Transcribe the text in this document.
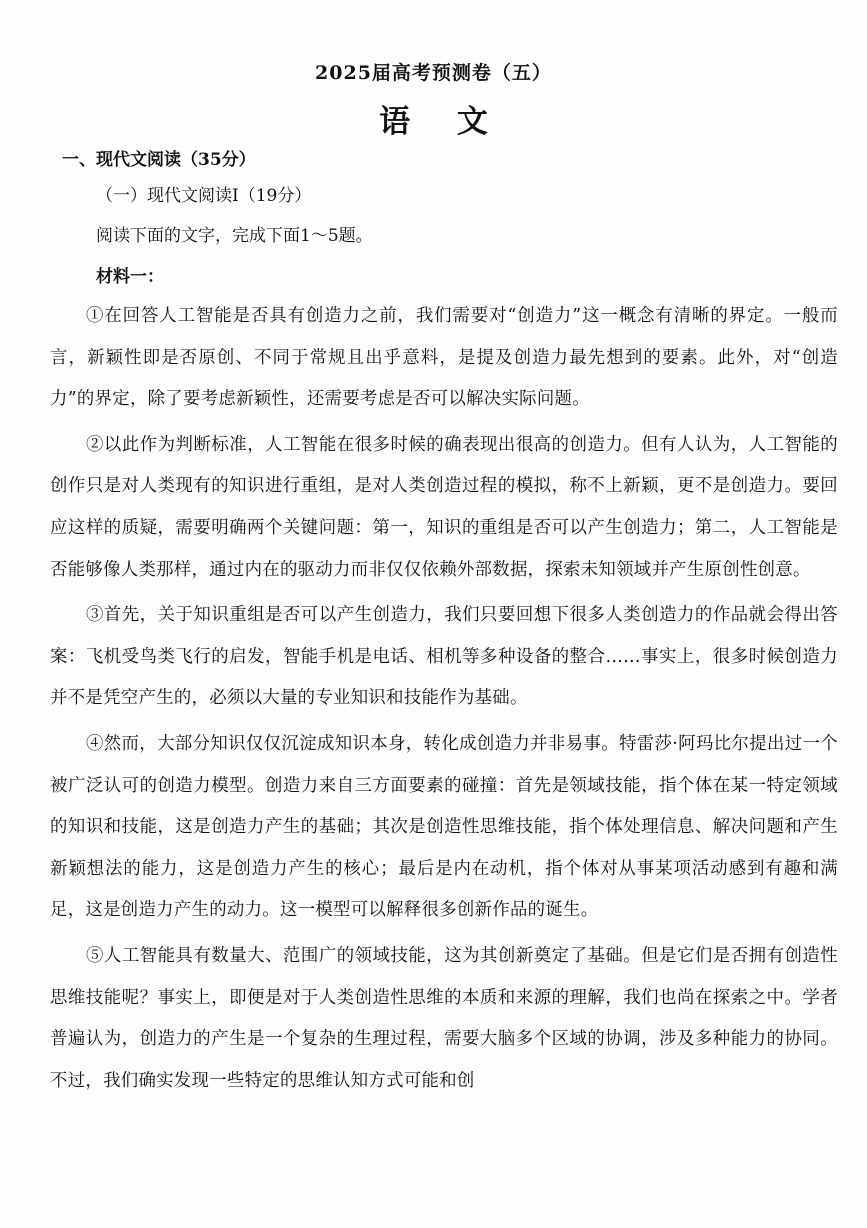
2025届高考预测卷（五）
语 文
一、现代文阅读（35分）
（一）现代文阅读Ⅰ（19分）
阅读下面的文字，完成下面1～5题。
材料一：

①在回答人工智能是否具有创造力之前，我们需要对“创造力”这一概念有清晰的界定。一般而言，新颖性即是否原创、不同于常规且出乎意料，是提及创造力最先想到的要素。此外，对“创造力”的界定，除了要考虑新颖性，还需要考虑是否可以解决实际问题。

②以此作为判断标准，人工智能在很多时候的确表现出很高的创造力。但有人认为，人工智能的创作只是对人类现有的知识进行重组，是对人类创造过程的模拟，称不上新颖，更不是创造力。要回应这样的质疑，需要明确两个关键问题：第一，知识的重组是否可以产生创造力；第二，人工智能是否能够像人类那样，通过内在的驱动力而非仅仅依赖外部数据，探索未知领域并产生原创性创意。

③首先，关于知识重组是否可以产生创造力，我们只要回想下很多人类创造力的作品就会得出答案：飞机受鸟类飞行的启发，智能手机是电话、相机等多种设备的整合……事实上，很多时候创造力并不是凭空产生的，必须以大量的专业知识和技能作为基础。

④然而，大部分知识仅仅沉淀成知识本身，转化成创造力并非易事。特雷莎·阿玛比尔提出过一个被广泛认可的创造力模型。创造力来自三方面要素的碰撞：首先是领域技能，指个体在某一特定领域的知识和技能，这是创造力产生的基础；其次是创造性思维技能，指个体处理信息、解决问题和产生新颖想法的能力，这是创造力产生的核心；最后是内在动机，指个体对从事某项活动感到有趣和满足，这是创造力产生的动力。这一模型可以解释很多创新作品的诞生。

⑤人工智能具有数量大、范围广的领域技能，这为其创新奠定了基础。但是它们是否拥有创造性思维技能呢？事实上，即便是对于人类创造性思维的本质和来源的理解，我们也尚在探索之中。学者普遍认为，创造力的产生是一个复杂的生理过程，需要大脑多个区域的协调，涉及多种能力的协同。不过，我们确实发现一些特定的思维认知方式可能和创
